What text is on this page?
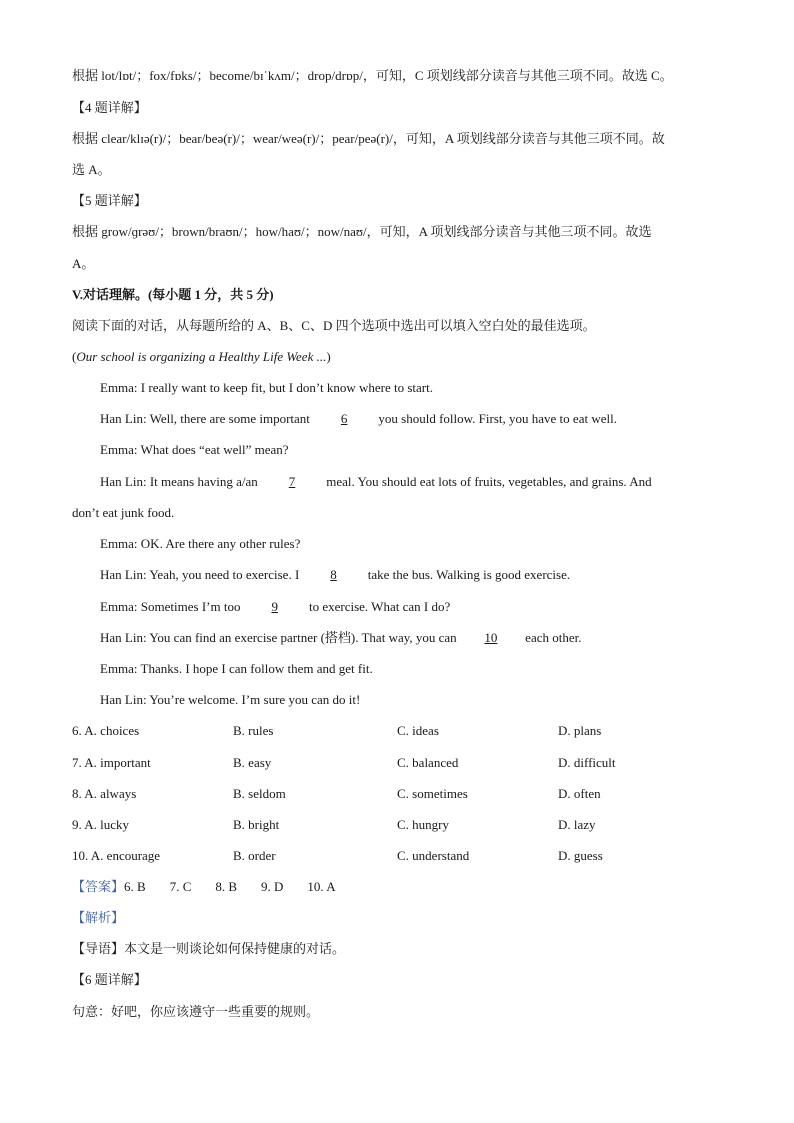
根据 lot/lɒt/；fox/fɒks/；become/bɪˈkʌm/；drop/drɒp/，可知，C 项划线部分读音与其他三项不同。故选 C。
【4 题详解】
根据 clear/klɪə(r)/；bear/beə(r)/；wear/weə(r)/；pear/peə(r)/，可知，A 项划线部分读音与其他三项不同。故
选 A。
【5 题详解】
根据 grow/ɡrəʊ/；brown/braʊn/；how/haʊ/；now/naʊ/，可知，A 项划线部分读音与其他三项不同。故选
A。
V.对话理解。(每小题 1 分，共 5 分)
阅读下面的对话，从每题所给的 A、B、C、D 四个选项中选出可以填入空白处的最佳选项。
(Our school is organizing a Healthy Life Week ...)
Emma: I really want to keep fit, but I don’t know where to start.
Han Lin: Well, there are some important 6 you should follow. First, you have to eat well.
Emma: What does “eat well” mean?
Han Lin: It means having a/an 7 meal. You should eat lots of fruits, vegetables, and grains. And
don’t eat junk food.
Emma: OK. Are there any other rules?
Han Lin: Yeah, you need to exercise. I 8 take the bus. Walking is good exercise.
Emma: Sometimes I’m too 9 to exercise. What can I do?
Han Lin: You can find an exercise partner (搭档). That way, you can 10 each other.
Emma: Thanks. I hope I can follow them and get fit.
Han Lin: You’re welcome. I’m sure you can do it!
6. A. choices	B. rules	C. ideas	D. plans
7. A. important	B. easy	C. balanced	D. difficult
8. A. always	B. seldom	C. sometimes	D. often
9. A. lucky	B. bright	C. hungry	D. lazy
10. A. encourage	B. order	C. understand	D. guess
【答案】6. B 7. C 8. B 9. D 10. A
【解析】
【导语】本文是一则谈论如何保持健康的对话。
【6 题详解】
句意：好吧，你应该遵守一些重要的规则。
